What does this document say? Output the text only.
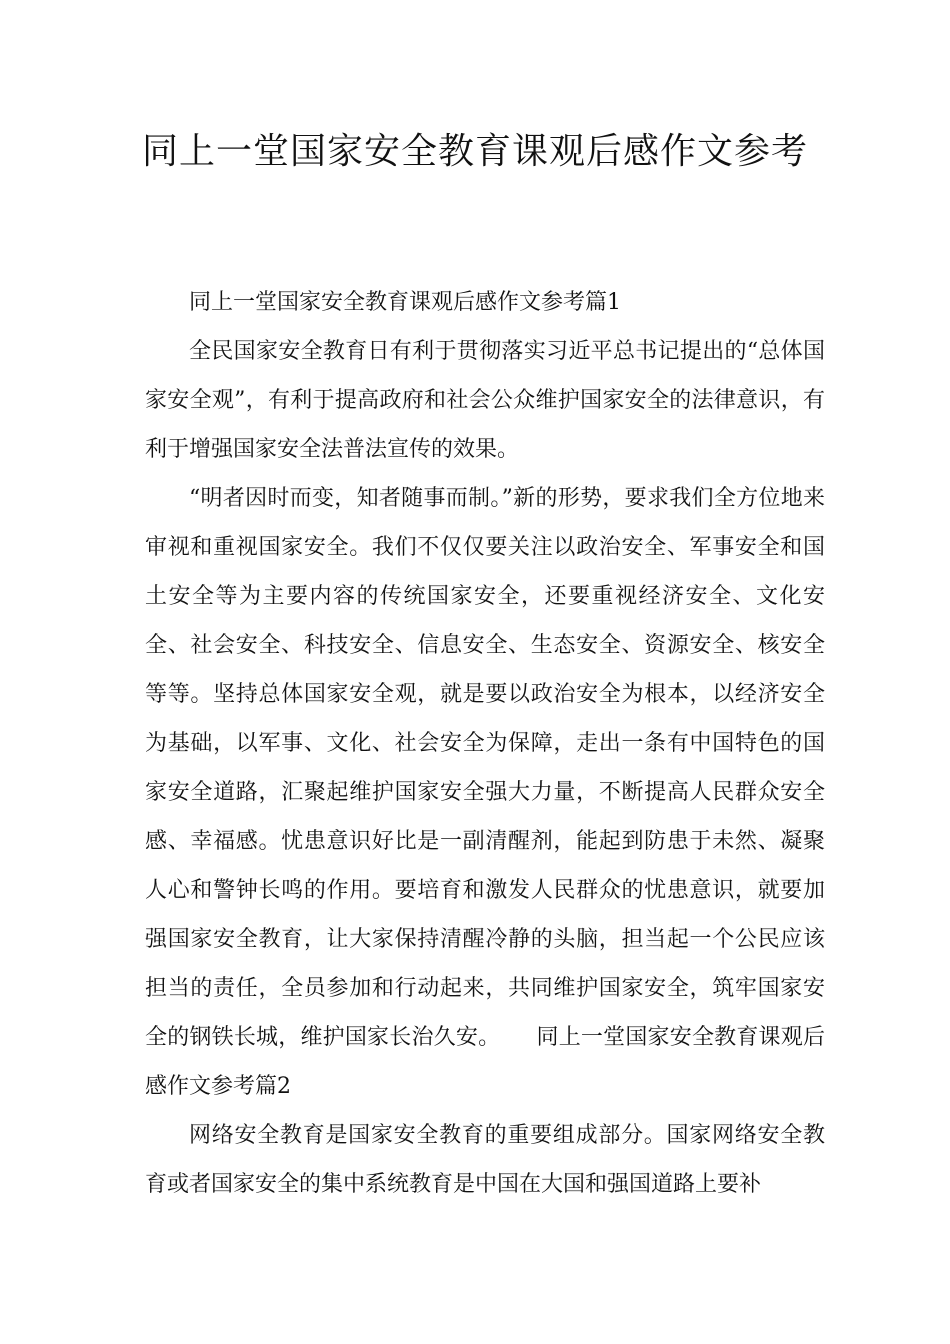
同上一堂国家安全教育课观后感作文参考

同上一堂国家安全教育课观后感作文参考篇1

全民国家安全教育日有利于贯彻落实习近平总书记提出的“总体国家安全观”，有利于提高政府和社会公众维护国家安全的法律意识，有利于增强国家安全法普法宣传的效果。

“明者因时而变，知者随事而制。”新的形势，要求我们全方位地来审视和重视国家安全。我们不仅仅要关注以政治安全、军事安全和国土安全等为主要内容的传统国家安全，还要重视经济安全、文化安全、社会安全、科技安全、信息安全、生态安全、资源安全、核安全等等。坚持总体国家安全观，就是要以政治安全为根本，以经济安全为基础，以军事、文化、社会安全为保障，走出一条有中国特色的国家安全道路，汇聚起维护国家安全强大力量，不断提高人民群众安全感、幸福感。忧患意识好比是一副清醒剂，能起到防患于未然、凝聚人心和警钟长鸣的作用。要培育和激发人民群众的忧患意识，就要加强国家安全教育，让大家保持清醒冷静的头脑，担当起一个公民应该担当的责任，全员参加和行动起来，共同维护国家安全，筑牢国家安全的钢铁长城，维护国家长治久安。 同上一堂国家安全教育课观后感作文参考篇2

网络安全教育是国家安全教育的重要组成部分。国家网络安全教育或者国家安全的集中系统教育是中国在大国和强国道路上要补
